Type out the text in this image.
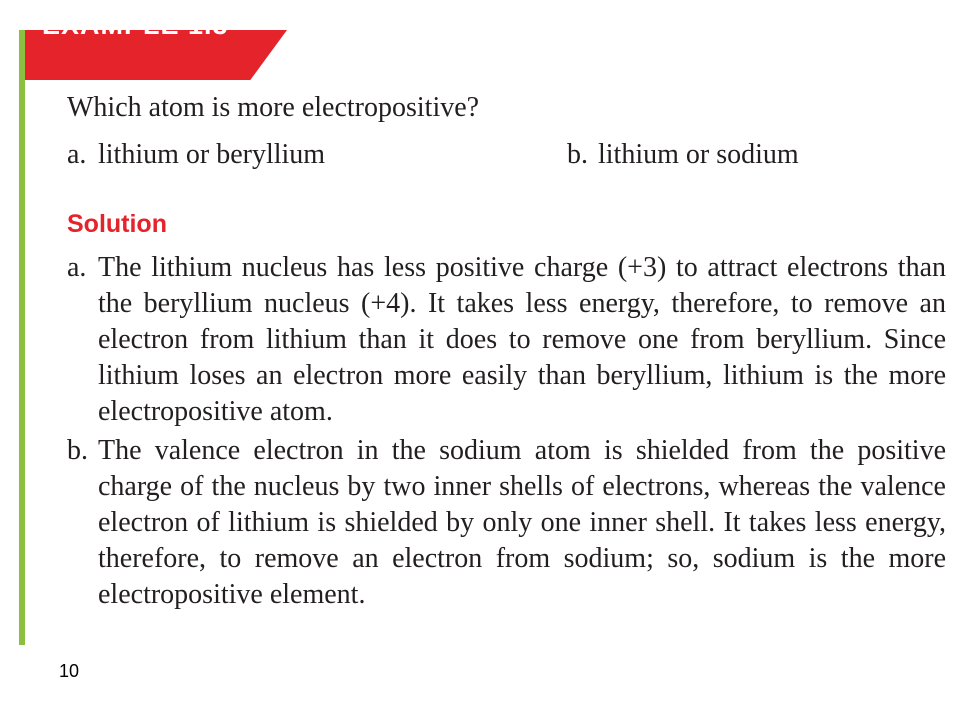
EXAMPLE 1.3
Which atom is more electropositive?
a. lithium or beryllium	b. lithium or sodium
Solution
a. The lithium nucleus has less positive charge (+3) to attract electrons than
the beryllium nucleus (+4). It takes less energy, therefore, to remove an
electron from lithium than it does to remove one from beryllium. Since
lithium loses an electron more easily than beryllium, lithium is the more
electropositive atom.
b. The valence electron in the sodium atom is shielded from the positive
charge of the nucleus by two inner shells of electrons, whereas the valence
electron of lithium is shielded by only one inner shell. It takes less energy,
therefore, to remove an electron from sodium; so, sodium is the more
electropositive element.
10
